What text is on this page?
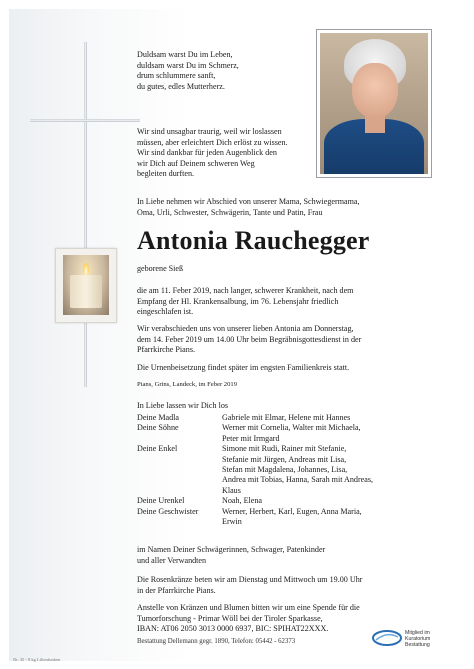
Duldsam warst Du im Leben,
duldsam warst Du im Schmerz,
drum schlummere sanft,
du gutes, edles Mutterherz.
Wir sind unsagbar traurig, weil wir loslassen
müssen, aber erleichtert Dich erlöst zu wissen.
Wir sind dankbar für jeden Augenblick den
wir Dich auf Deinem schweren Weg
begleiten durften.
In Liebe nehmen wir Abschied von unserer Mama, Schwiegermama,
Oma, Urli, Schwester, Schwägerin, Tante und Patin, Frau
Antonia Rauchegger
geborene Sieß
die am 11. Feber 2019, nach langer, schwerer Krankheit, nach dem
Empfang der Hl. Krankensalbung, im 76. Lebensjahr friedlich
eingeschlafen ist.
Wir verabschieden uns von unserer lieben Antonia am Donnerstag,
dem 14. Feber 2019 um 14.00 Uhr beim Begräbnisgottesdienst in der
Pfarrkirche Pians.
Die Urnenbeisetzung findet später im engsten Familienkreis statt.
Pians, Grins, Landeck, im Feber 2019
In Liebe lassen wir Dich los
Deine Madla	Gabriele mit Elmar, Helene mit Hannes
Deine Söhne	Werner mit Cornelia, Walter mit Michaela,
Peter mit Irmgard
Deine Enkel	Simone mit Rudi, Rainer mit Stefanie,
Stefanie mit Jürgen, Andreas mit Lisa,
Stefan mit Magdalena, Johannes, Lisa,
Andrea mit Tobias, Hanna, Sarah mit Andreas,
Klaus
Deine Urenkel	Noah, Elena
Deine Geschwister	Werner, Herbert, Karl, Eugen, Anna Maria,
Erwin
im Namen Deiner Schwägerinnen, Schwager, Patenkinder
und aller Verwandten
Die Rosenkränze beten wir am Dienstag und Mittwoch um 19.00 Uhr
in der Pfarrkirche Pians.
Anstelle von Kränzen und Blumen bitten wir um eine Spende für die
Tumorforschung - Primar Wöll bei der Tiroler Sparkasse,
IBAN: AT06 2050 3013 0000 6937, BIC: SPIHAT22XXX.
Bestattung Dellemann gegr. 1890, Telefon: 05442 - 62373
Nr. 35 - 8 kg Lilienfunken
Mitglied im
Kuratorium
Bestattung
